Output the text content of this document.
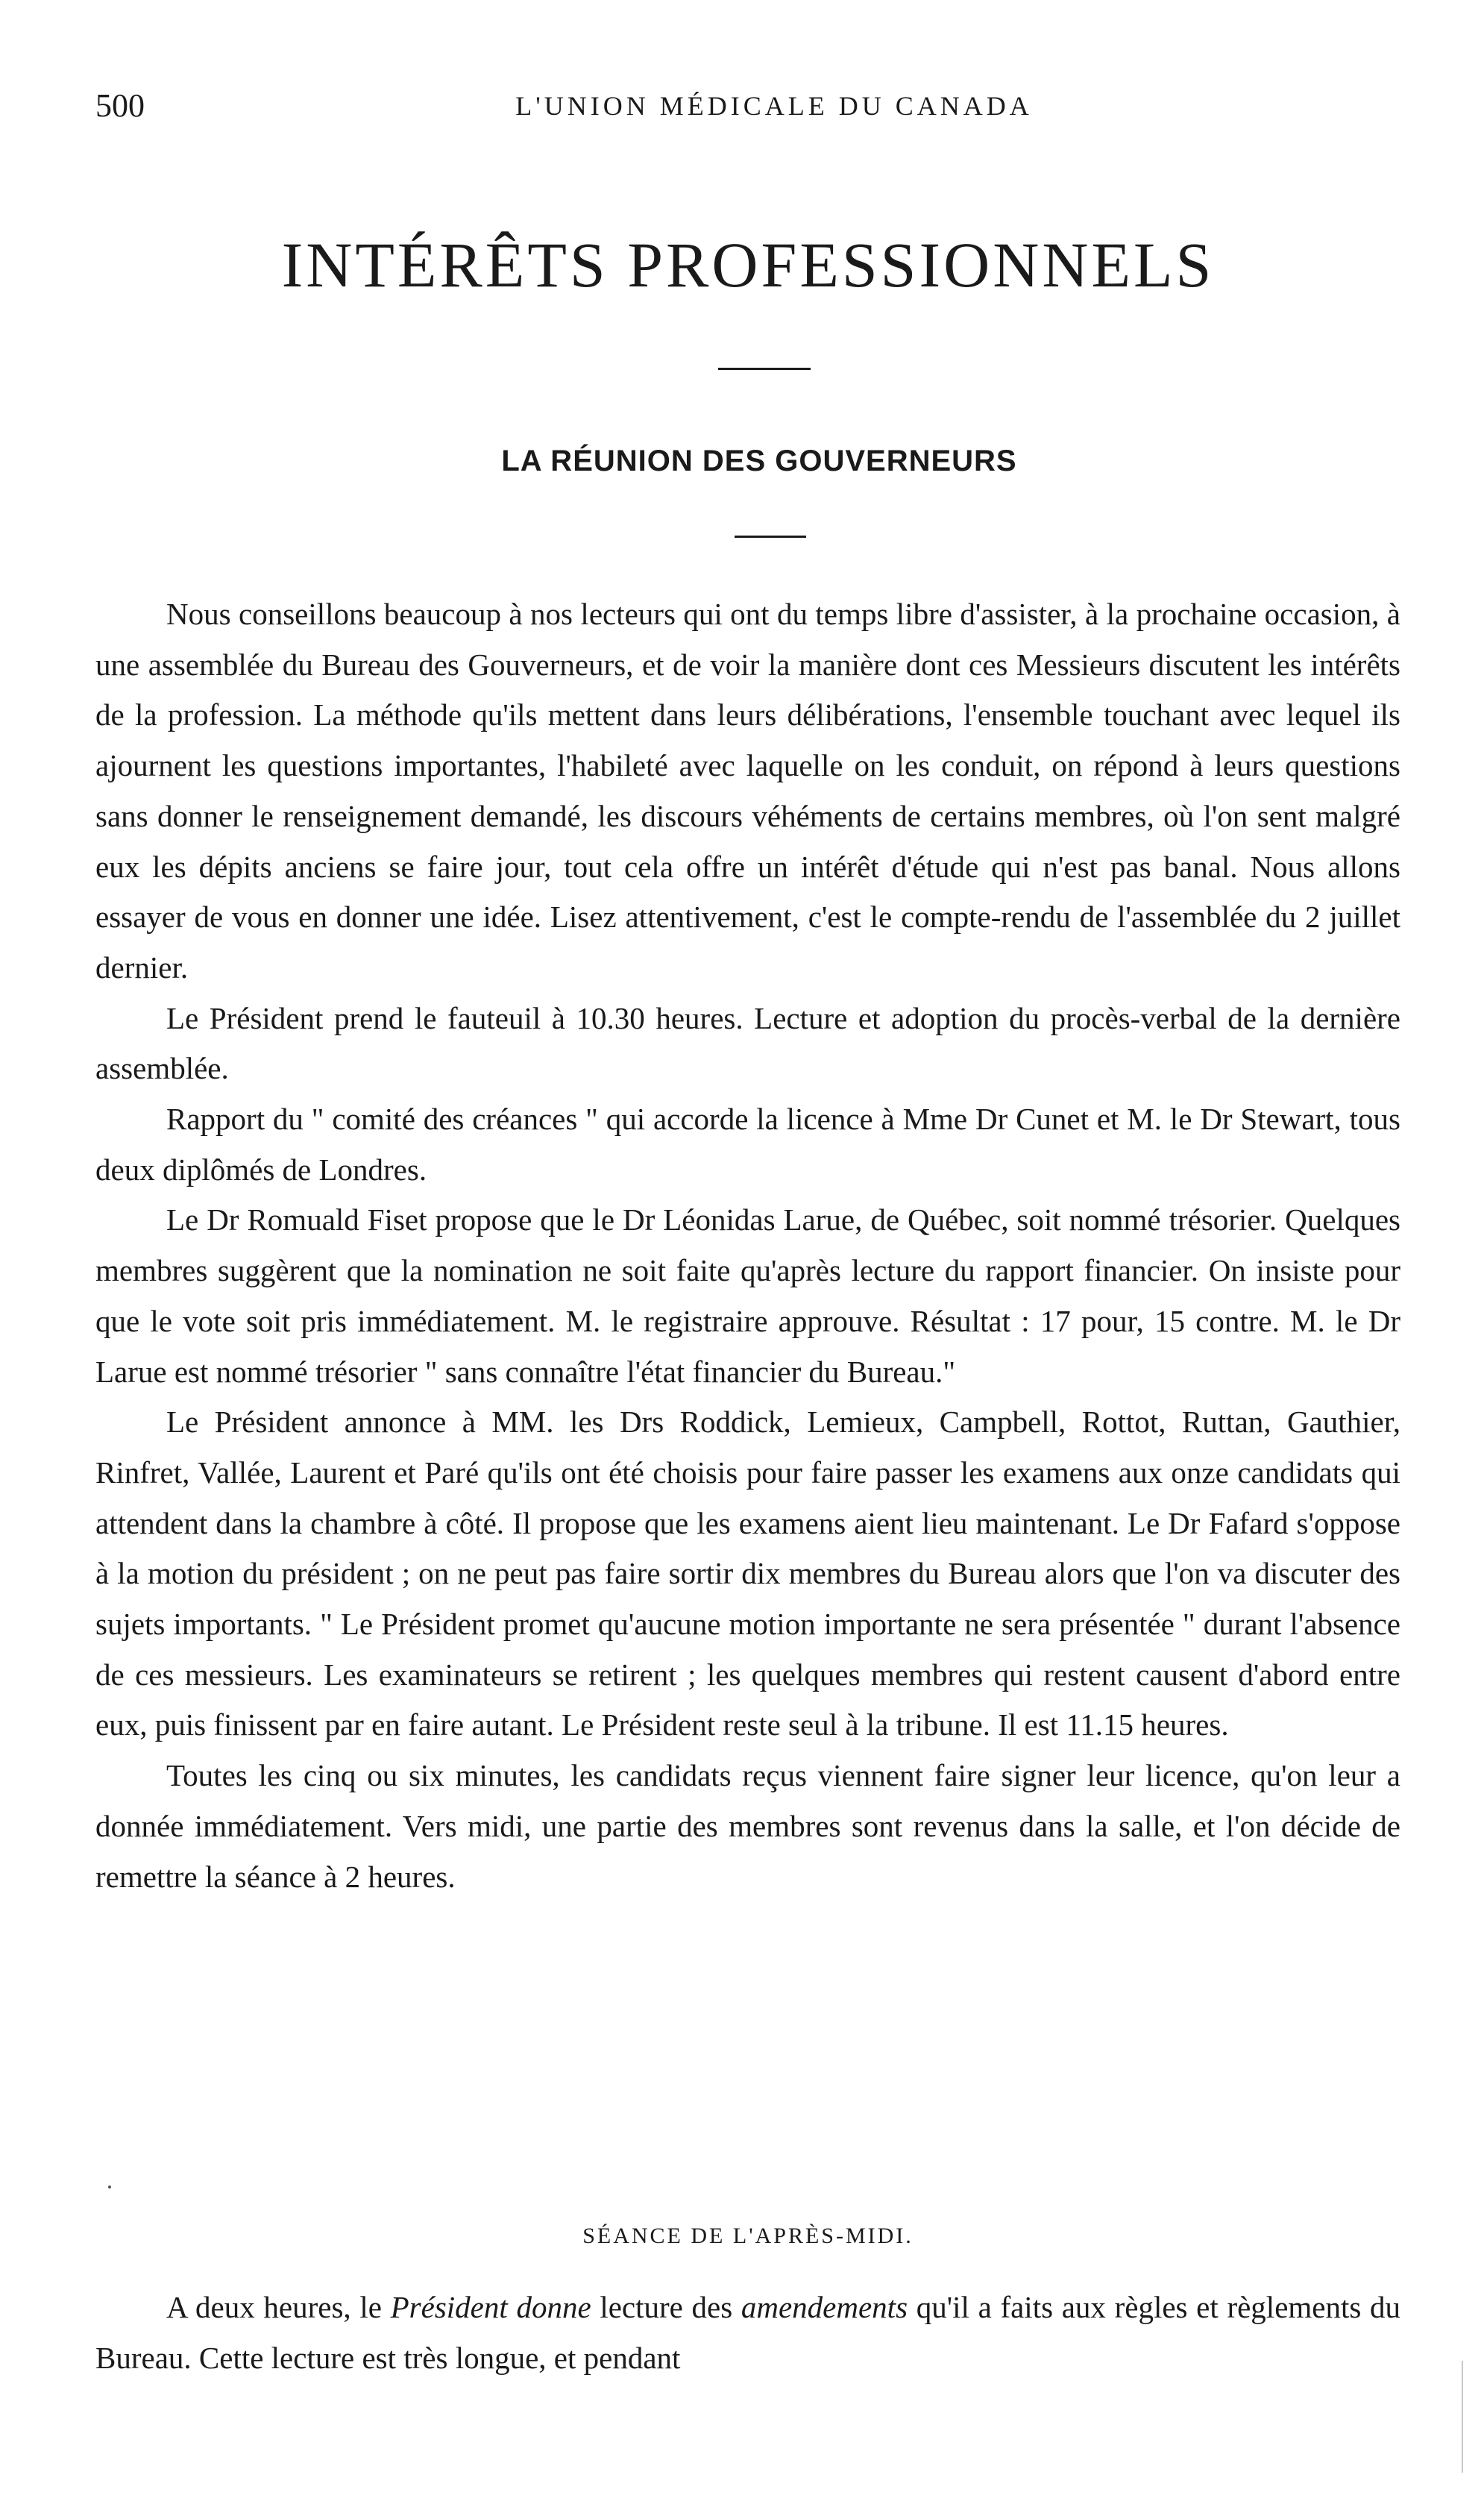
500	L'UNION MÉDICALE DU CANADA
INTÉRÊTS PROFESSIONNELS
LA RÉUNION DES GOUVERNEURS

Nous conseillons beaucoup à nos lecteurs qui ont du temps libre d'assister, à la prochaine occasion, à une assemblée du Bureau des Gouverneurs, et de voir la manière dont ces Messieurs discutent les intérêts de la profession. La méthode qu'ils mettent dans leurs délibérations, l'ensemble touchant avec lequel ils ajournent les questions importantes, l'habileté avec laquelle on les conduit, on répond à leurs questions sans donner le renseignement demandé, les discours véhéments de certains membres, où l'on sent malgré eux les dépits anciens se faire jour, tout cela offre un intérêt d'étude qui n'est pas banal. Nous allons essayer de vous en donner une idée. Lisez attentivement, c'est le compte-rendu de l'assemblée du 2 juillet dernier.

Le Président prend le fauteuil à 10.30 heures. Lecture et adoption du procès-verbal de la dernière assemblée.

Rapport du " comité des créances " qui accorde la licence à Mme Dr Cunet et M. le Dr Stewart, tous deux diplômés de Londres.

Le Dr Romuald Fiset propose que le Dr Léonidas Larue, de Québec, soit nommé trésorier. Quelques membres suggèrent que la nomination ne soit faite qu'après lecture du rapport financier. On insiste pour que le vote soit pris immédiatement. M. le registraire approuve. Résultat : 17 pour, 15 contre. M. le Dr Larue est nommé trésorier " sans connaître l'état financier du Bureau."

Le Président annonce à MM. les Drs Roddick, Lemieux, Campbell, Rottot, Ruttan, Gauthier, Rinfret, Vallée, Laurent et Paré qu'ils ont été choisis pour faire passer les examens aux onze candidats qui attendent dans la chambre à côté. Il propose que les examens aient lieu maintenant. Le Dr Fafard s'oppose à la motion du président ; on ne peut pas faire sortir dix membres du Bureau alors que l'on va discuter des sujets importants. " Le Président promet qu'aucune motion importante ne sera présentée " durant l'absence de ces messieurs. Les examinateurs se retirent ; les quelques membres qui restent causent d'abord entre eux, puis finissent par en faire autant. Le Président reste seul à la tribune. Il est 11.15 heures.

Toutes les cinq ou six minutes, les candidats reçus viennent faire signer leur licence, qu'on leur a donnée immédiatement. Vers midi, une partie des membres sont revenus dans la salle, et l'on décide de remettre la séance à 2 heures.

SÉANCE DE L'APRÈS-MIDI.

A deux heures, le Président donne lecture des amendements qu'il a faits aux règles et règlements du Bureau. Cette lecture est très longue, et pendant
